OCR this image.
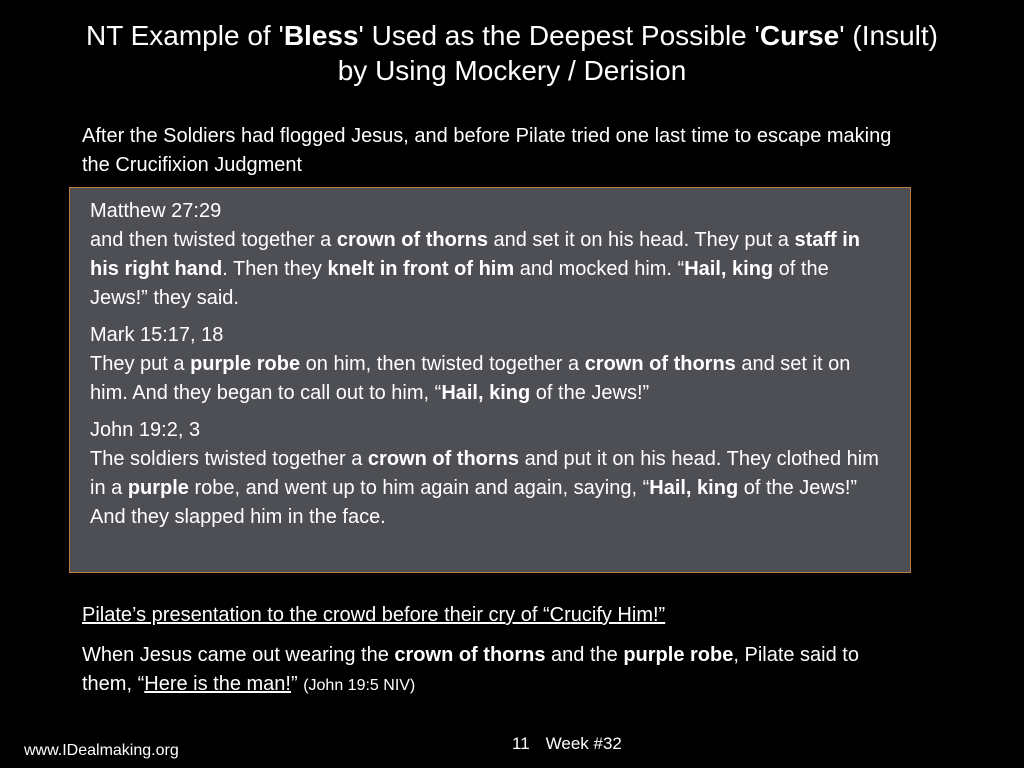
NT Example of 'Bless' Used as the Deepest Possible 'Curse' (Insult)
by Using Mockery / Derision

After the Soldiers had flogged Jesus, and before Pilate tried one last time to escape making the Crucifixion Judgment

Matthew 27:29

and then twisted together a crown of thorns and set it on his head. They put a staff in his right hand. Then they knelt in front of him and mocked him. “Hail, king of the Jews!” they said.

Mark 15:17, 18

They put a purple robe on him, then twisted together a crown of thorns and set it on him. And they began to call out to him, “Hail, king of the Jews!”

John 19:2, 3

The soldiers twisted together a crown of thorns and put it on his head. They clothed him in a purple robe, and went up to him again and again, saying, “Hail, king of the Jews!” And they slapped him in the face.

Pilate’s presentation to the crowd before their cry of “Crucify Him!”

When Jesus came out wearing the crown of thorns and the purple robe, Pilate said to them, “Here is the man!” (John 19:5 NIV)

www.IDealmaking.org	11 Week #32
